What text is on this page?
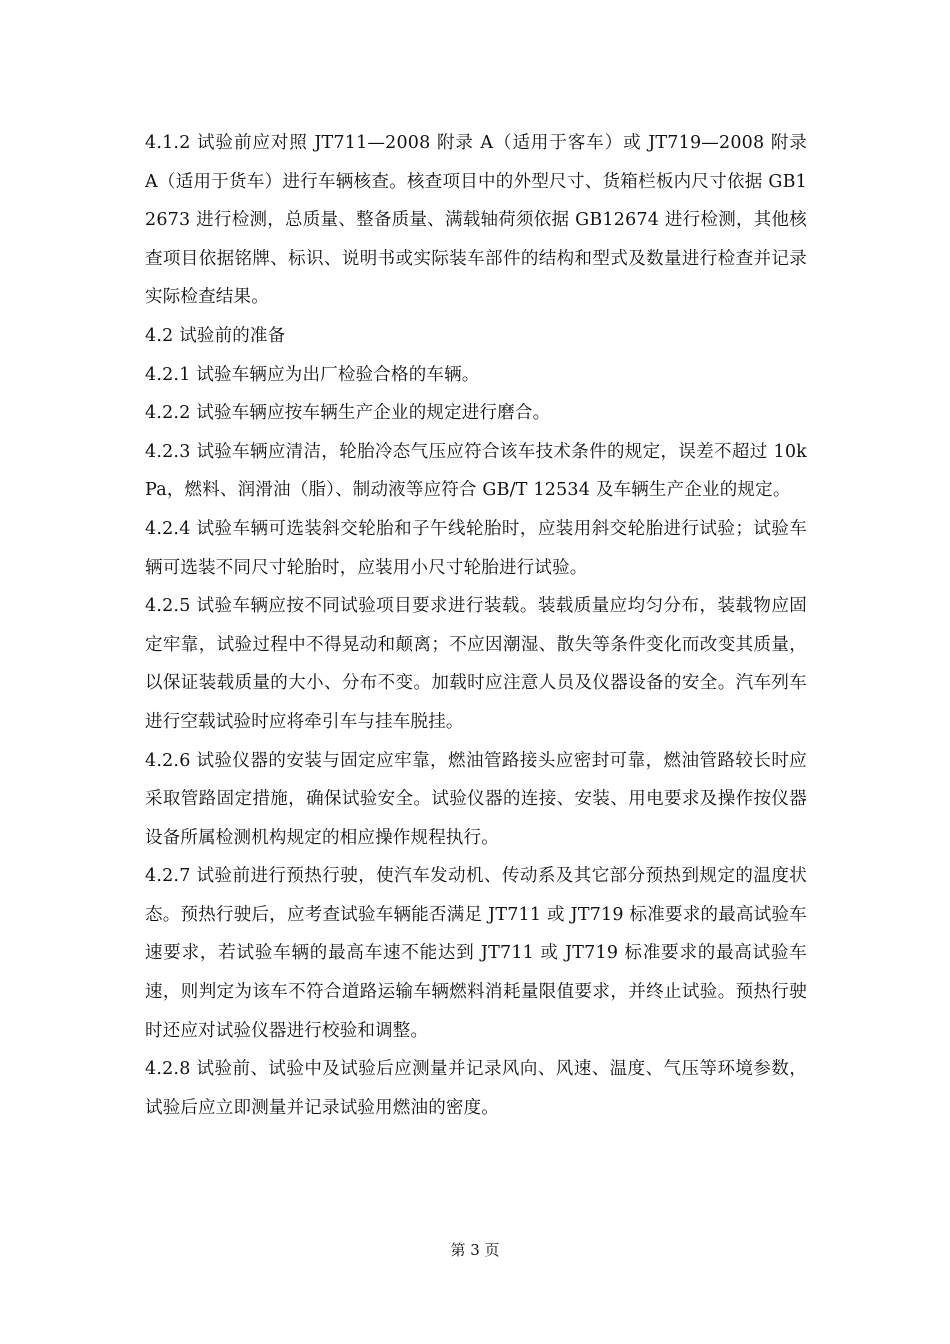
4.1.2 试验前应对照 JT711—2008 附录 A（适用于客车）或 JT719—2008 附录 A（适用于货车）进行车辆核查。核查项目中的外型尺寸、货箱栏板内尺寸依据 GB12673 进行检测，总质量、整备质量、满载轴荷须依据 GB12674 进行检测，其他核查项目依据铭牌、标识、说明书或实际装车部件的结构和型式及数量进行检查并记录实际检查结果。

4.2 试验前的准备

4.2.1 试验车辆应为出厂检验合格的车辆。

4.2.2 试验车辆应按车辆生产企业的规定进行磨合。

4.2.3 试验车辆应清洁，轮胎冷态气压应符合该车技术条件的规定，误差不超过 10kPa，燃料、润滑油（脂）、制动液等应符合 GB/T 12534 及车辆生产企业的规定。

4.2.4 试验车辆可选装斜交轮胎和子午线轮胎时，应装用斜交轮胎进行试验；试验车辆可选装不同尺寸轮胎时，应装用小尺寸轮胎进行试验。

4.2.5 试验车辆应按不同试验项目要求进行装载。装载质量应均匀分布，装载物应固定牢靠，试验过程中不得晃动和颠离；不应因潮湿、散失等条件变化而改变其质量，以保证装载质量的大小、分布不变。加载时应注意人员及仪器设备的安全。汽车列车进行空载试验时应将牵引车与挂车脱挂。

4.2.6 试验仪器的安装与固定应牢靠，燃油管路接头应密封可靠，燃油管路较长时应采取管路固定措施，确保试验安全。试验仪器的连接、安装、用电要求及操作按仪器设备所属检测机构规定的相应操作规程执行。

4.2.7 试验前进行预热行驶，使汽车发动机、传动系及其它部分预热到规定的温度状态。预热行驶后，应考查试验车辆能否满足 JT711 或 JT719 标准要求的最高试验车速要求，若试验车辆的最高车速不能达到 JT711 或 JT719 标准要求的最高试验车速，则判定为该车不符合道路运输车辆燃料消耗量限值要求，并终止试验。预热行驶时还应对试验仪器进行校验和调整。

4.2.8 试验前、试验中及试验后应测量并记录风向、风速、温度、气压等环境参数，试验后应立即测量并记录试验用燃油的密度。

第 3 页
